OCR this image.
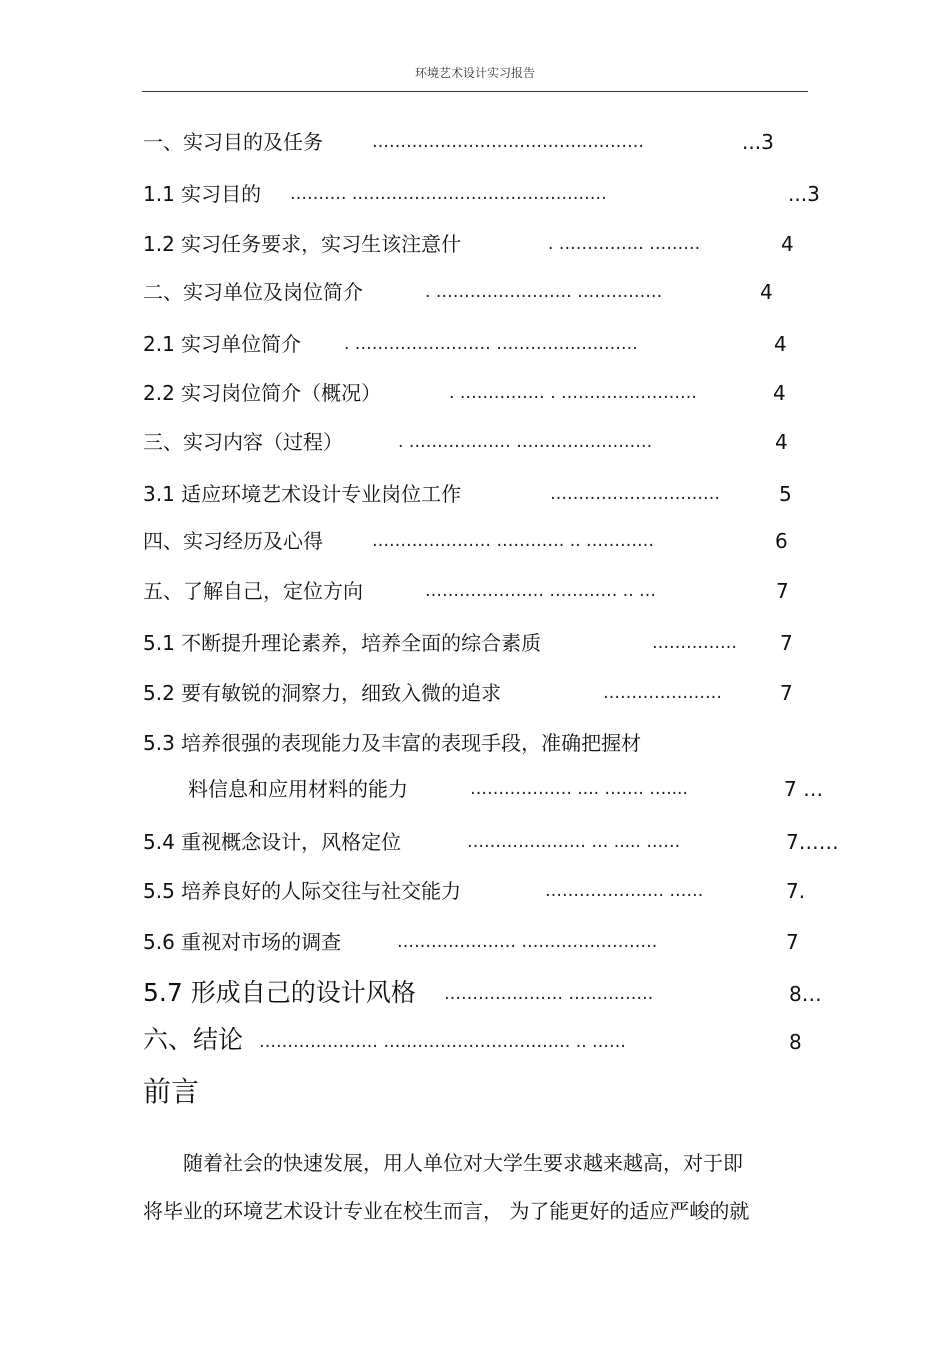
环境艺术设计实习报告
一、实习目的及任务	…………………………………………	...3
1.1 实习目的 ………. ………………………………………	...3
1.2 实习任务要求，实习生该注意什	. …………… ………	4
二、实习单位及岗位简介	. …………………… ……………	4
2.1 实习单位简介	. …………………… …………………….	4
2.2 实习岗位简介（概况）	. …………… . ……………………	4
三、实习内容（过程）	. ……………… ……………………	4
3.1 适应环境艺术设计专业岗位工作	…………………………	5
四、实习经历及心得	………………… ………… .. …………	6
五、了解自己，定位方向	………………… ………… .. …	7
5.1 不断提升理论素养，培养全面的综合素质	…………… 7
5.2 要有敏锐的洞察力，细致入微的追求	…………………	7
5.3 培养很强的表现能力及丰富的表现手段，准确把握材
料信息和应用材料的能力	……………… .... ……. …....	7 …
5.4 重视概念设计，风格定位	………………… … ..... ……	7……
5.5 培养良好的人际交往与社交能力	………………… ……	7.
5.6 重视对市场的调查	………………… ……………………	7
5.7 形成自己的设计风格 ………………… ……………	8…
六、结论 ………………… …………………………… .. ……	8
前言
随着社会的快速发展，用人单位对大学生要求越来越高，对于即
将毕业的环境艺术设计专业在校生而言， 为了能更好的适应严峻的就
